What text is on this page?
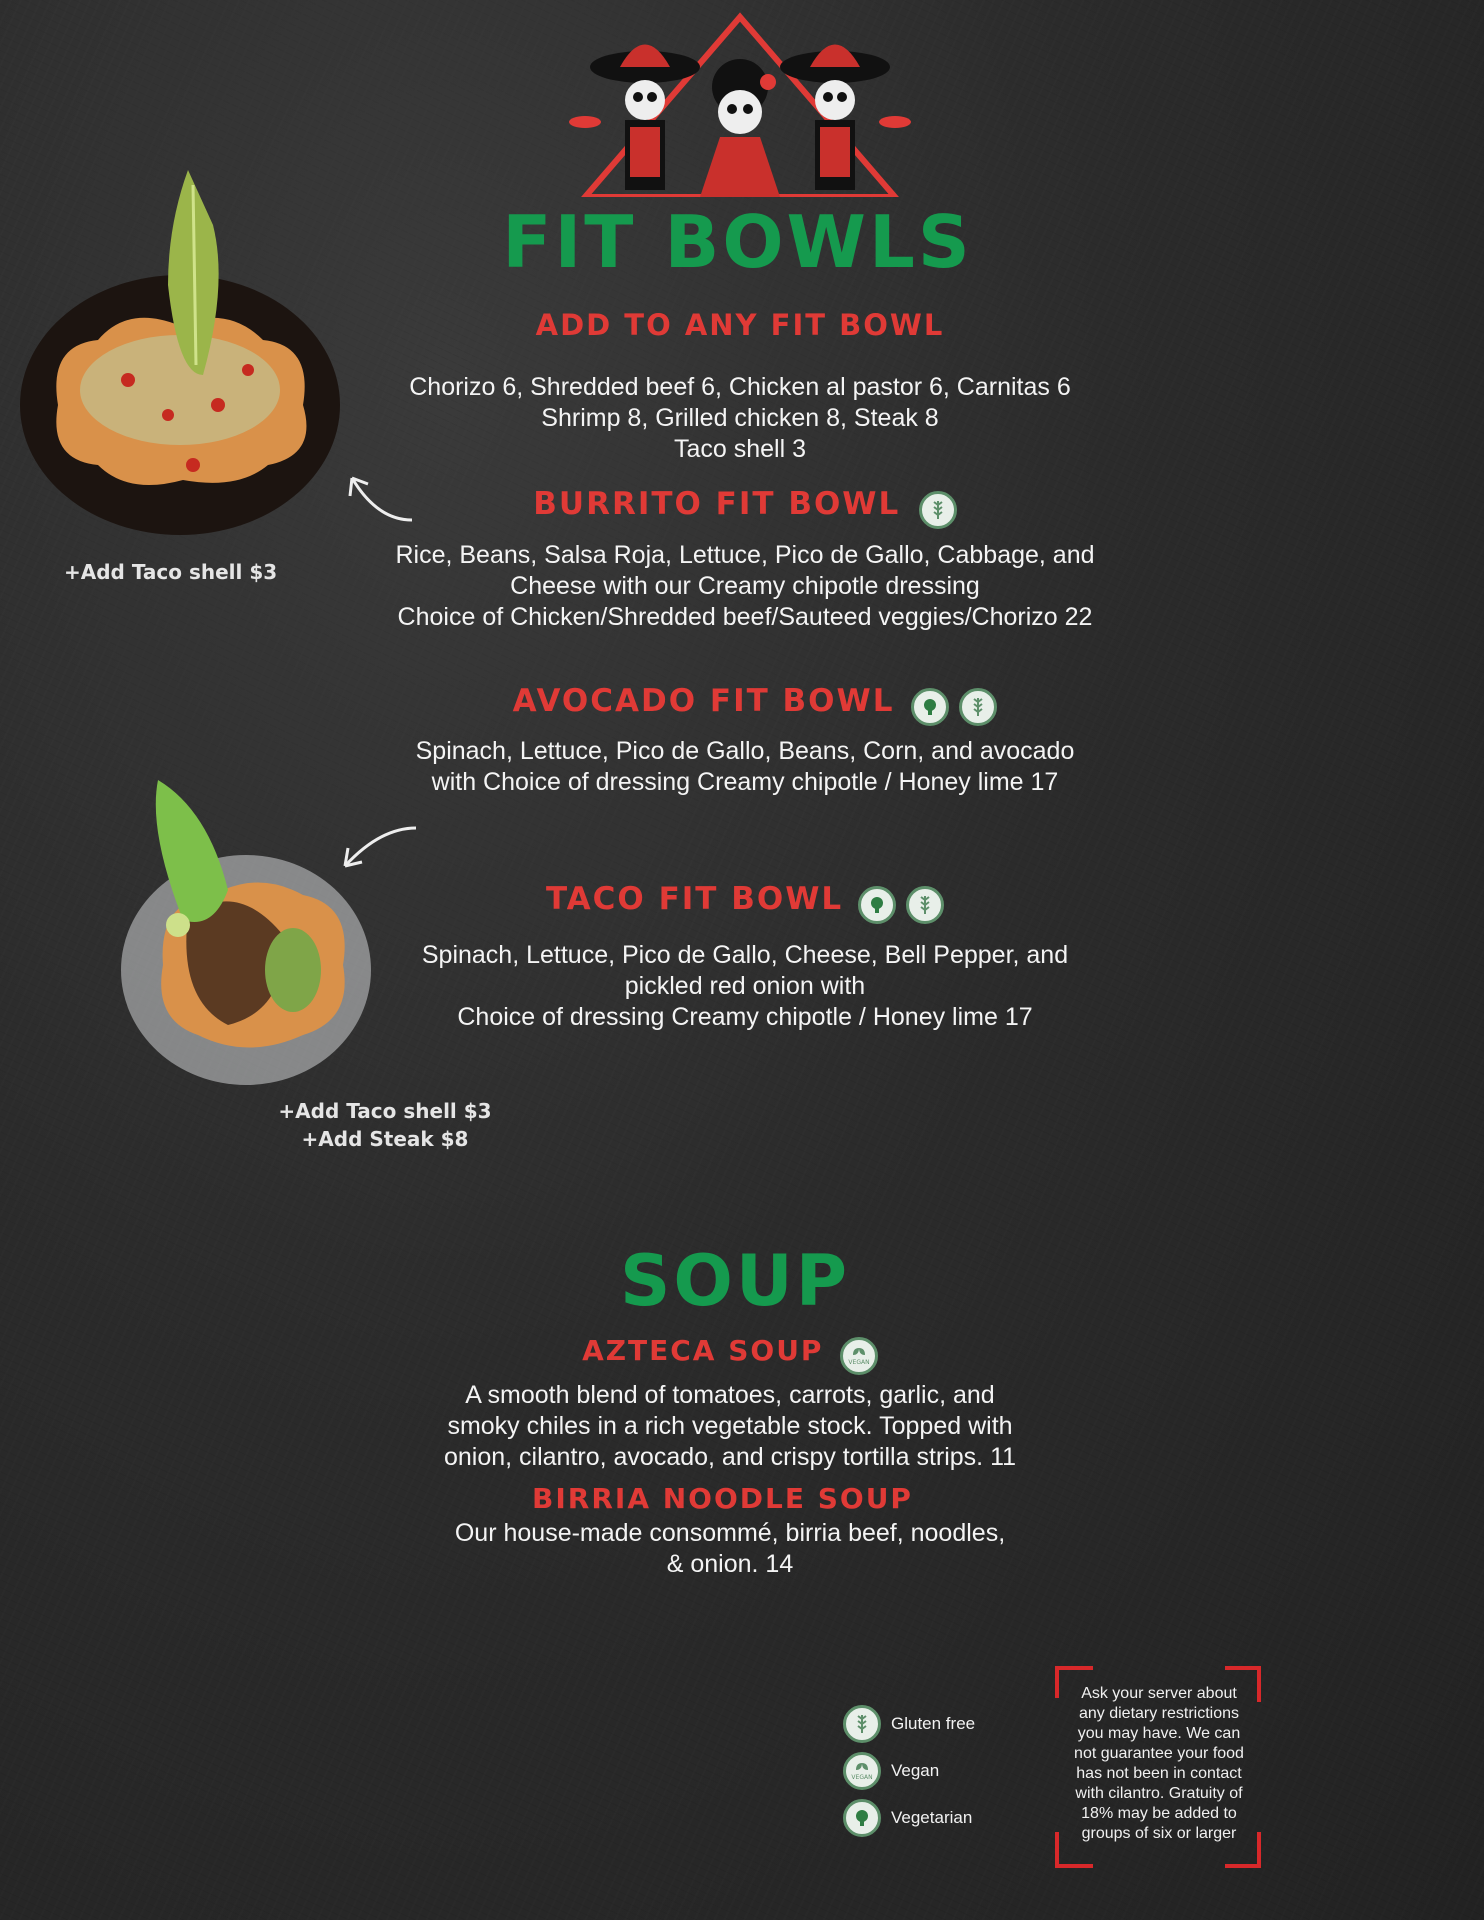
FIT BOWLS
ADD TO ANY FIT BOWL
Chorizo 6, Shredded beef 6, Chicken al pastor 6, Carnitas 6
Shrimp 8, Grilled chicken 8, Steak 8
Taco shell 3
BURRITO FIT BOWL
Rice, Beans, Salsa Roja, Lettuce, Pico de Gallo, Cabbage, and
Cheese with our Creamy chipotle dressing
Choice of Chicken/Shredded beef/Sauteed veggies/Chorizo 22
AVOCADO FIT BOWL

Spinach, Lettuce, Pico de Gallo, Beans, Corn, and avocado
with Choice of dressing Creamy chipotle / Honey lime 17
TACO FIT BOWL

Spinach, Lettuce, Pico de Gallo, Cheese, Bell Pepper, and
pickled red onion with
Choice of dressing Creamy chipotle / Honey lime 17
+Add Taco shell $3
+Add Taco shell $3
+Add Steak $8
SOUP
AZTECA SOUP	VEGAN
A smooth blend of tomatoes, carrots, garlic, and
smoky chiles in a rich vegetable stock. Topped with
onion, cilantro, avocado, and crispy tortilla strips. 11
BIRRIA NOODLE SOUP
Our house-made consommé, birria beef, noodles,
& onion. 14
Gluten free
VEGAN Vegan
Vegetarian
Ask your server about
any dietary restrictions
you may have. We can
not guarantee your food
has not been in contact
with cilantro. Gratuity of
18% may be added to
groups of six or larger
